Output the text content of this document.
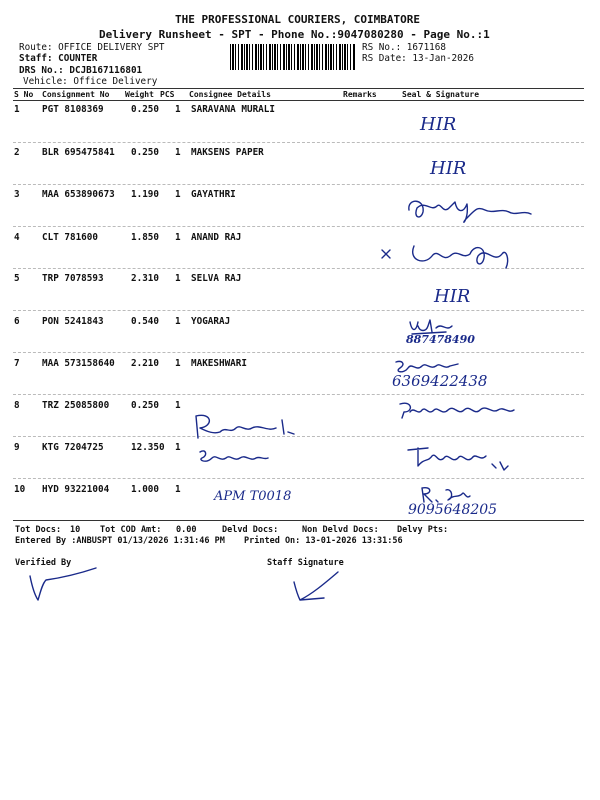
THE PROFESSIONAL COURIERS, COIMBATORE
Delivery Runsheet - SPT - Phone No.:9047080280 - Page No.:1
Route: OFFICE DELIVERY SPT
Staff: COUNTER
DRS No.: DCJB167116801
Vehicle: Office Delivery
RS No.: 1671168
RS Date: 13-Jan-2026
S No Consignment No Weight PCS Consignee Details	Remarks	Seal & Signature
1 PGT 8108369	0.250 1 SARAVANA MURALI
2 BLR 695475841 0.250 1 MAKSENS PAPER
3 MAA 653890673 1.190 1 GAYATHRI
4 CLT 781600	1.850 1 ANAND RAJ
5 TRP 7078593	2.310 1 SELVA RAJ
6 PON 5241843	0.540 1 YOGARAJ
7 MAA 573158640 2.210 1 MAKESHWARI
8 TRZ 25085800 0.250 1
9 KTG 7204725	12.350 1
10 HYD 93221004 1.000 1
HIR
HIR
HIR
887478490
6369422438
APM T0018
9095648205
Tot Docs: 10 Tot COD Amt: 0.00	Delvd Docs:	Non Delvd Docs: Delvy Pts:
Entered By :ANBUSPT 01/13/2026 1:31:46 PM Printed On: 13-01-2026 13:31:56
Verified By	Staff Signature
